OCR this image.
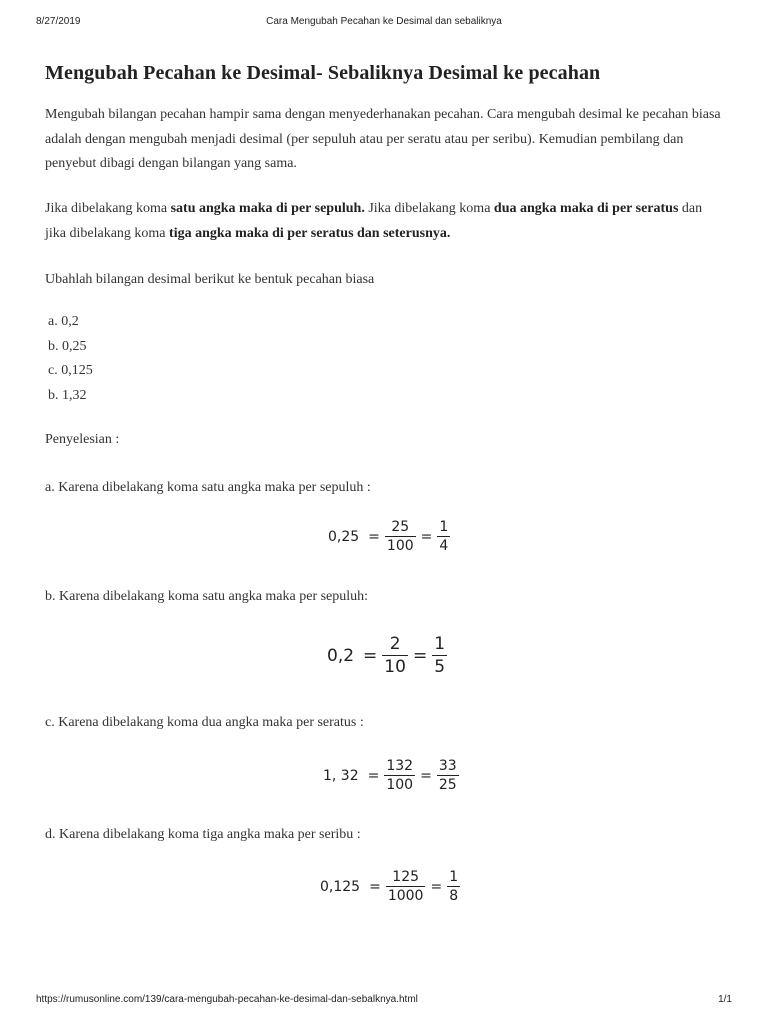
8/27/2019	Cara Mengubah Pecahan ke Desimal dan sebaliknya
Mengubah Pecahan ke Desimal- Sebaliknya Desimal ke pecahan

Mengubah bilangan pecahan hampir sama dengan menyederhanakan pecahan. Cara mengubah desimal ke pecahan biasa adalah dengan mengubah menjadi desimal (per sepuluh atau per seratu atau per seribu). Kemudian pembilang dan penyebut dibagi dengan bilangan yang sama.

Jika dibelakang koma satu angka maka di per sepuluh. Jika dibelakang koma dua angka maka di per seratus dan jika dibelakang koma tiga angka maka di per seratus dan seterusnya.

Ubahlah bilangan desimal berikut ke bentuk pecahan biasa

a. 0,2
b. 0,25
c. 0,125
b. 1,32

Penyelesian :

a. Karena dibelakang koma satu angka maka per sepuluh :

$0,25 = \frac{25}{100} = \frac{1}{4}$

b. Karena dibelakang koma satu angka maka per sepuluh:

$0,2 = \frac{2}{10} = \frac{1}{5}$

c. Karena dibelakang koma dua angka maka per seratus :

1, $32 = \frac{132}{100} = \frac{33}{25}$

d. Karena dibelakang koma tiga angka maka per seribu :

$0,125 = \frac{125}{1000} = \frac{1}{8}$
https://rumusonline.com/139/cara-mengubah-pecahan-ke-desimal-dan-sebalknya.html	1/1
